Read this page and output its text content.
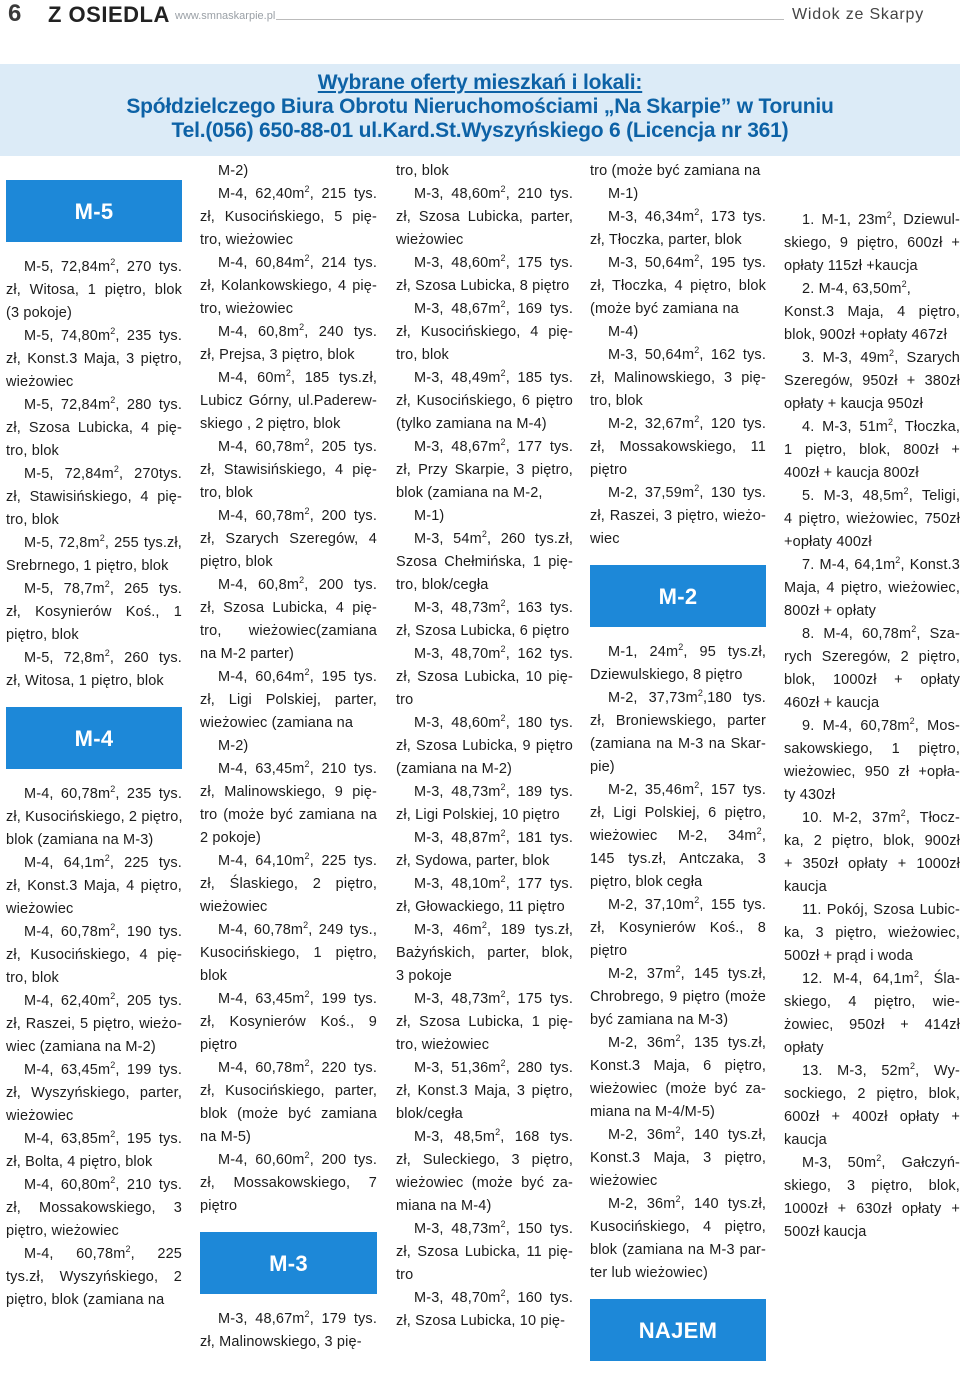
6 Z OSIEDLA www.smnaskarpie.pl	Widok ze Skarpy
Wybrane oferty mieszkań i lokali:
Spółdzielczego Biura Obrotu Nieruchomościami „Na Skarpie” w Toruniu
Tel.(056) 650-88-01 ul.Kard.St.Wyszyńskiego 6 (Licencja nr 361)
M-5
M-5, $72,84m^2$, 270 tys.
zł, Witosa, 1 piętro, blok
(3 pokoje)
M-5, $74,80m^2$, 235 tys.
zł, Konst.3 Maja, 3 piętro,
wieżowiec
M-5, $72,84m^2$, 280 tys.
zł, Szosa Lubicka, 4 pię-
tro, blok
M-5, $72,84m^2$, 270tys.
zł, Stawisińskiego, 4 pię-
tro, blok
M-5, $72,8m^2$, 255 tys.zł,
Srebrnego, 1 piętro, blok
M-5, $78,7m^2$, 265 tys.
zł, Kosynierów Koś., 1
piętro, blok
M-5, $72,8m^2$, 260 tys.
zł, Witosa, 1 piętro, blok
M-4
M-4, $60,78m^2$, 235 tys.
zł, Kusocińskiego, 2 piętro,
blok (zamiana na M-3)
M-4, $64,1m^2$, 225 tys.
zł, Konst.3 Maja, 4 piętro,
wieżowiec
M-4, $60,78m^2$, 190 tys.
zł, Kusocińskiego, 4 pię-
tro, blok
M-4, $62,40m^2$, 205 tys.
zł, Raszei, 5 piętro, wieżo-
wiec (zamiana na M-2)
M-4, $63,45m^2$, 199 tys.
zł, Wyszyńskiego, parter,
wieżowiec
M-4, $63,85m^2$, 195 tys.
zł, Bolta, 4 piętro, blok
M-4, $60,80m^2$, 210 tys.
zł, Mossakowskiego, 3
piętro, wieżowiec
M-4, $60,78m^2$, 225
tys.zł, Wyszyńskiego, 2
piętro, blok (zamiana na
M-2)
M-4, $62,40m^2$, 215 tys.
zł, Kusocińskiego, 5 pię-
tro, wieżowiec
M-4, $60,84m^2$, 214 tys.
zł, Kolankowskiego, 4 pię-
tro, wieżowiec
M-4, $60,8m^2$, 240 tys.
zł, Prejsa, 3 piętro, blok
M-4, $60m^2$, 185 tys.zł,
Lubicz Górny, ul.Paderew-
skiego , 2 piętro, blok
M-4, $60,78m^2$, 205 tys.
zł, Stawisińskiego, 4 pię-
tro, blok
M-4, $60,78m^2$, 200 tys.
zł, Szarych Szeregów, 4
piętro, blok
M-4, $60,8m^2$, 200 tys.
zł, Szosa Lubicka, 4 pię-
tro, wieżowiec(zamiana
na M-2 parter)
M-4, $60,64m^2$, 195 tys.
zł, Ligi Polskiej, parter,
wieżowiec (zamiana na
M-2)
M-4, $63,45m^2$, 210 tys.
zł, Malinowskiego, 9 pię-
tro (może być zamiana na
2 pokoje)
M-4, $64,10m^2$, 225 tys.
zł, Ślaskiego, 2 piętro,
wieżowiec
M-4, $60,78m^2$, 249 tys.,
Kusocińskiego, 1 piętro,
blok
M-4, $63,45m^2$, 199 tys.
zł, Kosynierów Koś., 9
piętro
M-4, $60,78m^2$, 220 tys.
zł, Kusocińskiego, parter,
blok (może być zamiana
na M-5)
M-4, $60,60m^2$, 200 tys.
zł, Mossakowskiego, 7
piętro
M-3
M-3, $48,67m^2$, 179 tys.
zł, Malinowskiego, 3 pię-
tro, blok
M-3, $48,60m^2$, 210 tys.
zł, Szosa Lubicka, parter,
wieżowiec
M-3, $48,60m^2$, 175 tys.
zł, Szosa Lubicka, 8 piętro
M-3, $48,67m^2$, 169 tys.
zł, Kusocińskiego, 4 pię-
tro, blok
M-3, $48,49m^2$, 185 tys.
zł, Kusocińskiego, 6 piętro
(tylko zamiana na M-4)
M-3, $48,67m^2$, 177 tys.
zł, Przy Skarpie, 3 piętro,
blok (zamiana na M-2,
M-1)
M-3, $54m^2$, 260 tys.zł,
Szosa Chełmińska, 1 pię-
tro, blok/cegła
M-3, $48,73m^2$, 163 tys.
zł, Szosa Lubicka, 6 piętro
M-3, $48,70m^2$, 162 tys.
zł, Szosa Lubicka, 10 pię-
tro
M-3, $48,60m^2$, 180 tys.
zł, Szosa Lubicka, 9 piętro
(zamiana na M-2)
M-3, $48,73m^2$, 189 tys.
zł, Ligi Polskiej, 10 piętro
M-3, $48,87m^2$, 181 tys.
zł, Sydowa, parter, blok
M-3, $48,10m^2$, 177 tys.
zł, Głowackiego, 11 piętro
M-3, $46m^2$, 189 tys.zł,
Bażyńskich, parter, blok,
3 pokoje
M-3, $48,73m^2$, 175 tys.
zł, Szosa Lubicka, 1 pię-
tro, wieżowiec
M-3, $51,36m^2$, 280 tys.
zł, Konst.3 Maja, 3 piętro,
blok/cegła
M-3, $48,5m^2$, 168 tys.
zł, Suleckiego, 3 piętro,
wieżowiec (może być za-
miana na M-4)
M-3, $48,73m^2$, 150 tys.
zł, Szosa Lubicka, 11 pię-
tro
M-3, $48,70m^2$, 160 tys.
zł, Szosa Lubicka, 10 pię-
tro (może być zamiana na
M-1)
M-3, $46,34m^2$, 173 tys.
zł, Tłoczka, parter, blok
M-3, $50,64m^2$, 195 tys.
zł, Tłoczka, 4 piętro, blok
(może być zamiana na
M-4)
M-3, $50,64m^2$, 162 tys.
zł, Malinowskiego, 3 pię-
tro, blok
M-2, $32,67m^2$, 120 tys.
zł, Mossakowskiego, 11
piętro
M-2, $37,59m^2$, 130 tys.
zł, Raszei, 3 piętro, wieżo-
wiec
M-2
M-1, $24m^2$, 95 tys.zł,
Dziewulskiego, 8 piętro
M-2, $37,73m^2,180$ tys.
zł, Broniewskiego, parter
(zamiana na M-3 na Skar-
pie)
M-2, $35,46m^2$, 157 tys.
zł, Ligi Polskiej, 6 piętro,
wieżowiec M-2, $34m^2$,
145 tys.zł, Antczaka, 3
piętro, blok cegła
M-2, $37,10m^2$, 155 tys.
zł, Kosynierów Koś., 8
piętro
M-2, $37m^2$, 145 tys.zł,
Chrobrego, 9 piętro (może
być zamiana na M-3)
M-2, $36m^2$, 135 tys.zł,
Konst.3 Maja, 6 piętro,
wieżowiec (może być za-
miana na M-4/M-5)
M-2, $36m^2$, 140 tys.zł,
Konst.3 Maja, 3 piętro,
wieżowiec
M-2, $36m^2$, 140 tys.zł,
Kusocińskiego, 4 piętro,
blok (zamiana na M-3 par-
ter lub wieżowiec)
NAJEM
1. M-1, $23m^2$, Dziewul-
skiego, 9 piętro, 600zł +
opłaty 115zł +kaucja
2. M-4, $63,50m^2$,
Konst.3 Maja, 4 piętro,
blok, 900zł +opłaty 467zł
3. M-3, $49m^2$, Szarych
Szeregów, 950zł + 380zł
opłaty + kaucja 950zł
4. M-3, $51m^2$, Tłoczka,
1 piętro, blok, 800zł +
400zł + kaucja 800zł
5. M-3, $48,5m^2$, Teligi,
4 piętro, wieżowiec, 750zł
+opłaty 400zł
7. M-4, $64,1m^2$, Konst.3
Maja, 4 piętro, wieżowiec,
800zł + opłaty
8. M-4, $60,78m^2$, Sza-
rych Szeregów, 2 piętro,
blok, 1000zł + opłaty
460zł + kaucja
9. M-4, $60,78m^2$, Mos-
sakowskiego, 1 piętro,
wieżowiec, 950 zł +opła-
ty 430zł
10. M-2, $37m^2$, Tłocz-
ka, 2 piętro, blok, 900zł
+ 350zł opłaty + 1000zł
kaucja
11. Pokój, Szosa Lubic-
ka, 3 piętro, wieżowiec,
500zł + prąd i woda
12. M-4, $64,1m^2$, Śla-
skiego, 4 piętro, wie-
żowiec, 950zł + 414zł
opłaty
13. M-3, $52m^2$, Wy-
sockiego, 2 piętro, blok,
600zł + 400zł opłaty +
kaucja
M-3, $50m^2$, Gałczyń-
skiego, 3 piętro, blok,
1000zł + 630zł opłaty +
500zł kaucja
